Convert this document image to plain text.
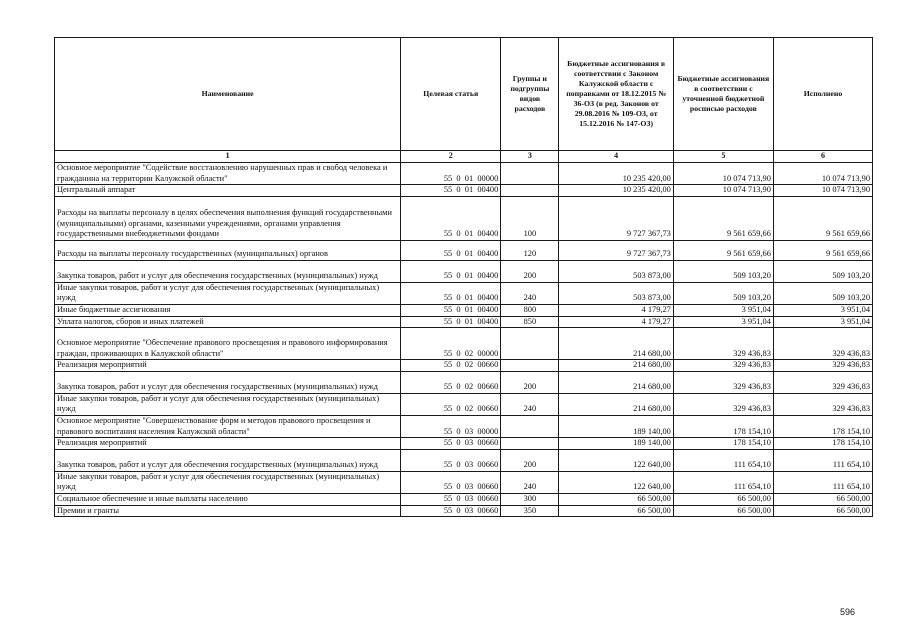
Наименование	Целевая статья	Группы и подгруппы видов расходов	Бюджетные ассигнования в соответствии с Законом Калужской области с поправками от 18.12.2015 № 36-ОЗ (в ред. Законов от 29.08.2016 № 109-ОЗ, от 15.12.2016 № 147-ОЗ)	Бюджетные ассигнования в соответствии с уточненной бюджетной росписью расходов	Исполнено
1	2	3	4	5	6
Основное мероприятие "Содействие восстановлению нарушенных прав и свобод человека и гражданина на территории Калужской области"	55  0  01  00000		10 235 420,00	10 074 713,90	10 074 713,90
Центральный аппарат	55  0  01  00400		10 235 420,00	10 074 713,90	10 074 713,90
Расходы на выплаты персоналу в целях обеспечения выполнения функций государственными (муниципальными) органами, казенными учреждениями, органами управления государственными внебюджетными фондами	55  0  01  00400	100	9 727 367,73	9 561 659,66	9 561 659,66
Расходы на выплаты персоналу государственных (муниципальных) органов	55  0  01  00400	120	9 727 367,73	9 561 659,66	9 561 659,66
Закупка товаров, работ и услуг для обеспечения государственных (муниципальных) нужд	55  0  01  00400	200	503 873,00	509 103,20	509 103,20
Иные закупки товаров, работ и услуг для обеспечения государственных (муниципальных) нужд	55  0  01  00400	240	503 873,00	509 103,20	509 103,20
Иные бюджетные ассигнования	55  0  01  00400	800	4 179,27	3 951,04	3 951,04
Уплата налогов, сборов и иных платежей	55  0  01  00400	850	4 179,27	3 951,04	3 951,04
Основное мероприятие "Обеспечение правового просвещения и правового информирования граждан, проживающих в Калужской области"	55  0  02  00000		214 680,00	329 436,83	329 436,83
Реализация мероприятий	55  0  02  00660		214 680,00	329 436,83	329 436,83
Закупка товаров, работ и услуг для обеспечения государственных (муниципальных) нужд	55  0  02  00660	200	214 680,00	329 436,83	329 436,83
Иные закупки товаров, работ и услуг для обеспечения государственных (муниципальных) нужд	55  0  02  00660	240	214 680,00	329 436,83	329 436,83
Основное мероприятие "Совершенствование форм и методов правового просвещения и правового воспитания населения Калужской области"	55  0  03  00000		189 140,00	178 154,10	178 154,10
Реализация мероприятий	55  0  03  00660		189 140,00	178 154,10	178 154,10
Закупка товаров, работ и услуг для обеспечения государственных (муниципальных) нужд	55  0  03  00660	200	122 640,00	111 654,10	111 654,10
Иные закупки товаров, работ и услуг для обеспечения государственных (муниципальных) нужд	55  0  03  00660	240	122 640,00	111 654,10	111 654,10
Социальное обеспечение и иные выплаты населению	55  0  03  00660	300	66 500,00	66 500,00	66 500,00
Премии и гранты	55  0  03  00660	350	66 500,00	66 500,00	66 500,00
596
